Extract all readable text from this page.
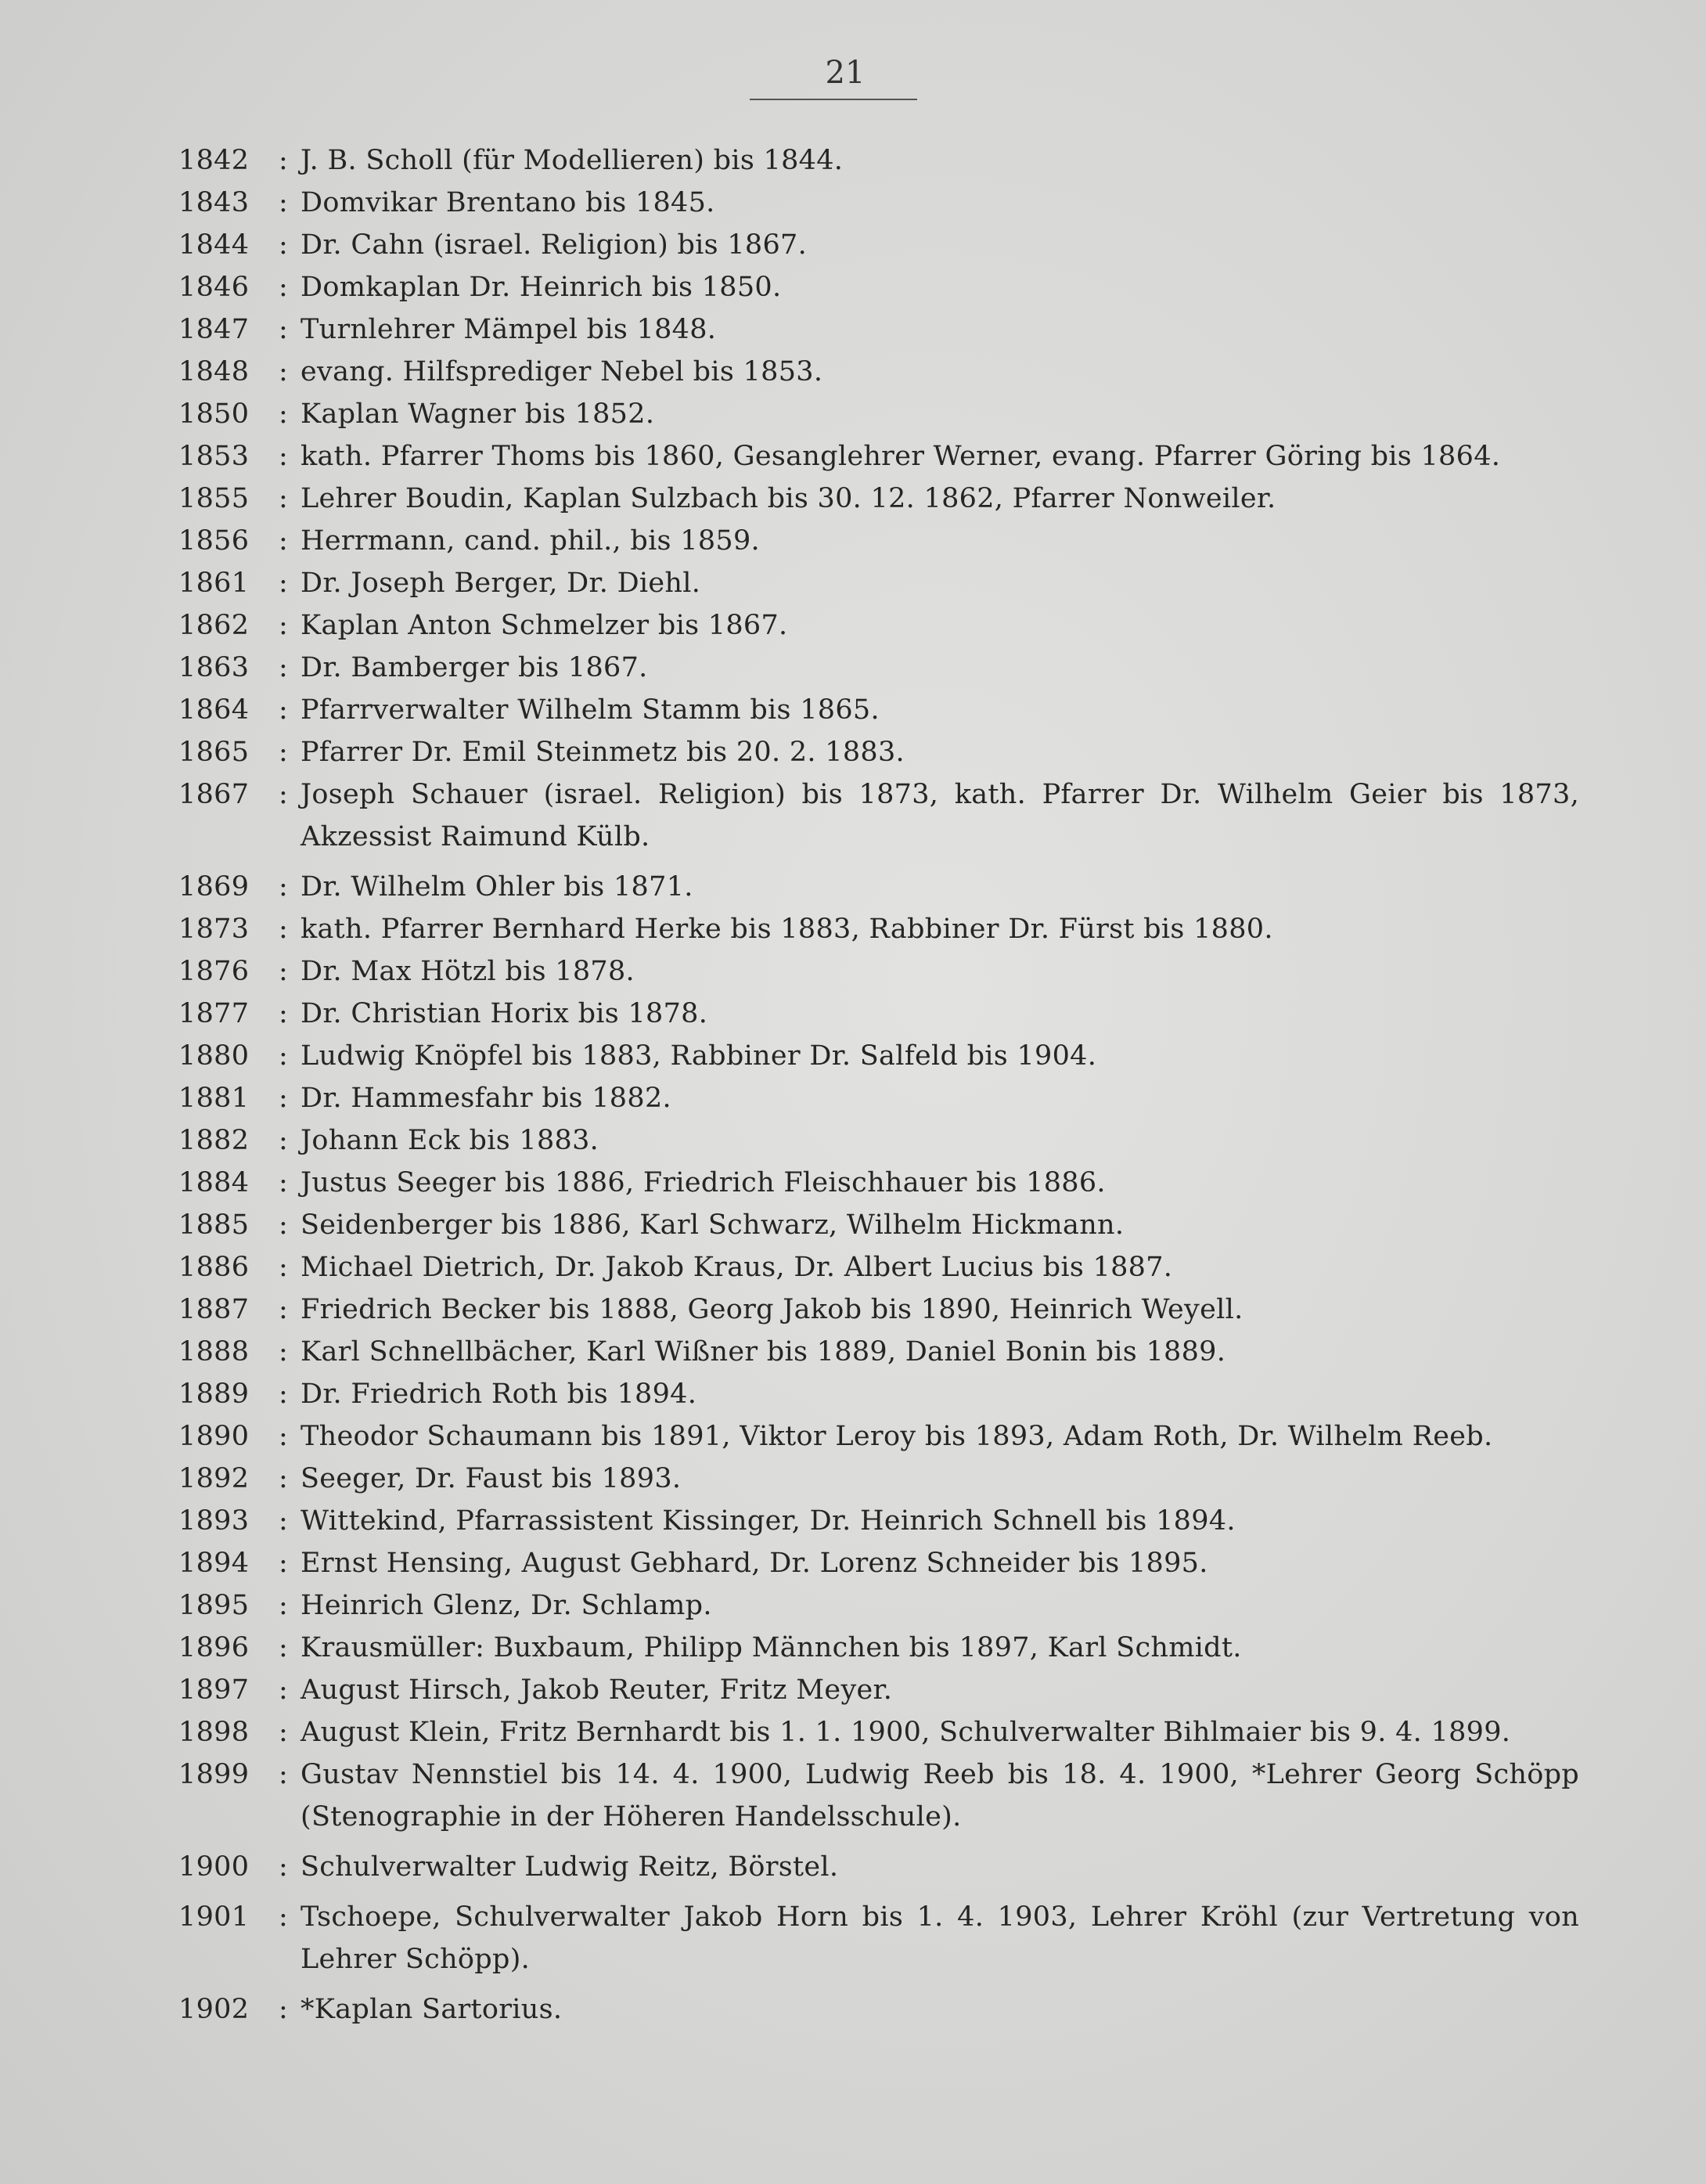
21
1842	: J. B. Scholl (für Modellieren) bis 1844.
1843	: Domvikar Brentano bis 1845.
1844	: Dr. Cahn (israel. Religion) bis 1867.
1846	: Domkaplan Dr. Heinrich bis 1850.
1847	: Turnlehrer Mämpel bis 1848.
1848	: evang. Hilfsprediger Nebel bis 1853.
1850	: Kaplan Wagner bis 1852.
1853	: kath. Pfarrer Thoms bis 1860, Gesanglehrer Werner, evang. Pfarrer Göring bis 1864.
1855	: Lehrer Boudin, Kaplan Sulzbach bis 30. 12. 1862, Pfarrer Nonweiler.
1856	: Herrmann, cand. phil., bis 1859.
1861	: Dr. Joseph Berger, Dr. Diehl.
1862	: Kaplan Anton Schmelzer bis 1867.
1863	: Dr. Bamberger bis 1867.
1864	: Pfarrverwalter Wilhelm Stamm bis 1865.
1865	: Pfarrer Dr. Emil Steinmetz bis 20. 2. 1883.
1867	: Joseph Schauer (israel. Religion) bis 1873, kath. Pfarrer Dr. Wilhelm Geier bis 1873, Akzessist Raimund Külb.
1869	: Dr. Wilhelm Ohler bis 1871.
1873	: kath. Pfarrer Bernhard Herke bis 1883, Rabbiner Dr. Fürst bis 1880.
1876	: Dr. Max Hötzl bis 1878.
1877	: Dr. Christian Horix bis 1878.
1880	: Ludwig Knöpfel bis 1883, Rabbiner Dr. Salfeld bis 1904.
1881	: Dr. Hammesfahr bis 1882.
1882	: Johann Eck bis 1883.
1884	: Justus Seeger bis 1886, Friedrich Fleischhauer bis 1886.
1885	: Seidenberger bis 1886, Karl Schwarz, Wilhelm Hickmann.
1886	: Michael Dietrich, Dr. Jakob Kraus, Dr. Albert Lucius bis 1887.
1887	: Friedrich Becker bis 1888, Georg Jakob bis 1890, Heinrich Weyell.
1888	: Karl Schnellbächer, Karl Wißner bis 1889, Daniel Bonin bis 1889.
1889	: Dr. Friedrich Roth bis 1894.
1890	: Theodor Schaumann bis 1891, Viktor Leroy bis 1893, Adam Roth, Dr. Wilhelm Reeb.
1892	: Seeger, Dr. Faust bis 1893.
1893	: Wittekind, Pfarrassistent Kissinger, Dr. Heinrich Schnell bis 1894.
1894	: Ernst Hensing, August Gebhard, Dr. Lorenz Schneider bis 1895.
1895	: Heinrich Glenz, Dr. Schlamp.
1896	: Krausmüller: Buxbaum, Philipp Männchen bis 1897, Karl Schmidt.
1897	: August Hirsch, Jakob Reuter, Fritz Meyer.
1898	: August Klein, Fritz Bernhardt bis 1. 1. 1900, Schulverwalter Bihlmaier bis 9. 4. 1899.
1899	: Gustav Nennstiel bis 14. 4. 1900, Ludwig Reeb bis 18. 4. 1900, *Lehrer Georg Schöpp (Stenographie in der Höheren Handelsschule).
1900	: Schulverwalter Ludwig Reitz, Börstel.
1901	: Tschoepe, Schulverwalter Jakob Horn bis 1. 4. 1903, Lehrer Kröhl (zur Vertretung von Lehrer Schöpp).
1902	: *Kaplan Sartorius.
